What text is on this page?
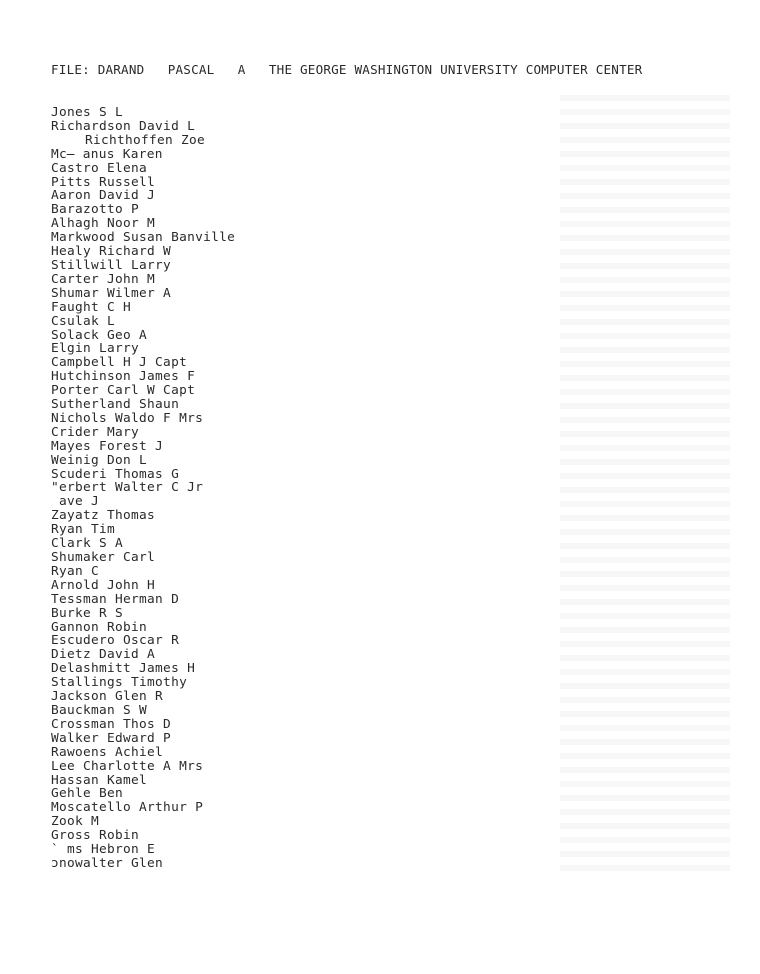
FILE: DARAND   PASCAL   A   THE GEORGE WASHINGTON UNIVERSITY COMPUTER CENTER
Jones S L
Richardson David L
Richthoffen Zoe
Mc̶ anus Karen
Castro Elena
Pitts Russell
Aaron David J
Barazotto P
Alhagh Noor M
Markwood Susan Banville
Healy Richard W
Stillwill Larry
Carter John M
Shumar Wilmer A
Faught C H
Csulak L
Solack Geo A
Elgin Larry
Campbell H J Capt
Hutchinson James F
Porter Carl W Capt
Sutherland Shaun
Nichols Waldo F Mrs
Crider Mary
Mayes Forest J
Weinig Don L
Scuderi Thomas G
"erbert Walter C Jr
ave J
Zayatz Thomas
Ryan Tim
Clark S A
Shumaker Carl
Ryan C
Arnold John H
Tessman Herman D
Burke R S
Gannon Robin
Escudero Oscar R
Dietz David A
Delashmitt James H
Stallings Timothy
Jackson Glen R
Bauckman S W
Crossman Thos D
Walker Edward P
Rawoens Achiel
Lee Charlotte A Mrs
Hassan Kamel
Gehle Ben
Moscatello Arthur P
Zook M
Gross Robin
` ms Hebron E
ɔnowalter Glen
